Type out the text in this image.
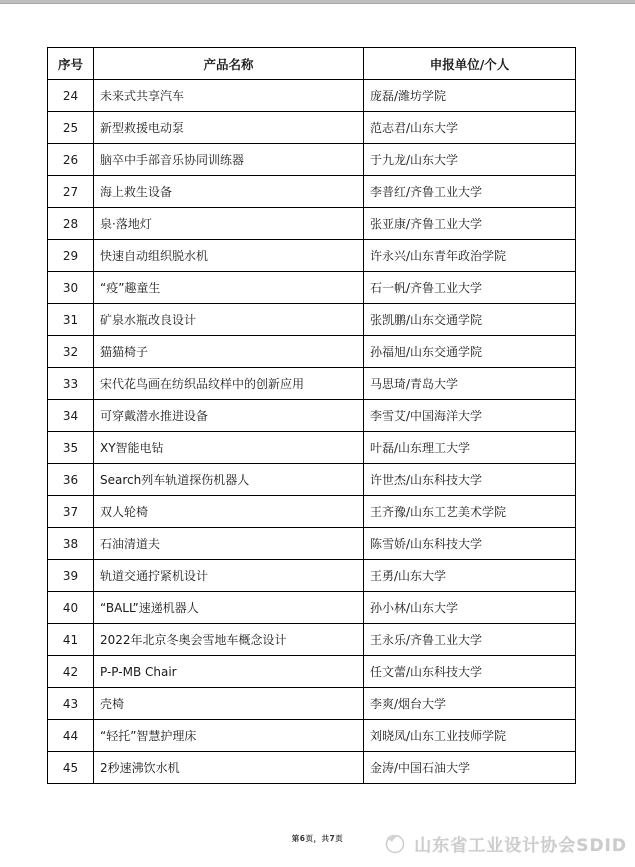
序号	产品名称	申报单位/个人
24	未来式共享汽车	庞磊/潍坊学院
25	新型救援电动泵	范志君/山东大学
26	脑卒中手部音乐协同训练器	于九龙/山东大学
27	海上救生设备	李普红/齐鲁工业大学
28	泉·落地灯	张亚康/齐鲁工业大学
29	快速自动组织脱水机	许永兴/山东青年政治学院
30	“疫”趣童生	石一帆/齐鲁工业大学
31	矿泉水瓶改良设计	张凯鹏/山东交通学院
32	猫猫椅子	孙福旭/山东交通学院
33	宋代花鸟画在纺织品纹样中的创新应用	马思琦/青岛大学
34	可穿戴潜水推进设备	李雪艾/中国海洋大学
35	XY智能电钻	叶磊/山东理工大学
36	Search列车轨道探伤机器人	许世杰/山东科技大学
37	双人轮椅	王齐豫/山东工艺美术学院
38	石油清道夫	陈雪娇/山东科技大学
39	轨道交通拧紧机设计	王勇/山东大学
40	“BALL”速递机器人	孙小林/山东大学
41	2022年北京冬奥会雪地车概念设计	王永乐/齐鲁工业大学
42	P-P-MB Chair	任文蕾/山东科技大学
43	壳椅	李爽/烟台大学
44	“轻托”智慧护理床	刘晓凤/山东工业技师学院
45	2秒速沸饮水机	金涛/中国石油大学
第6页，共7页	山东省工业设计协会SDID
